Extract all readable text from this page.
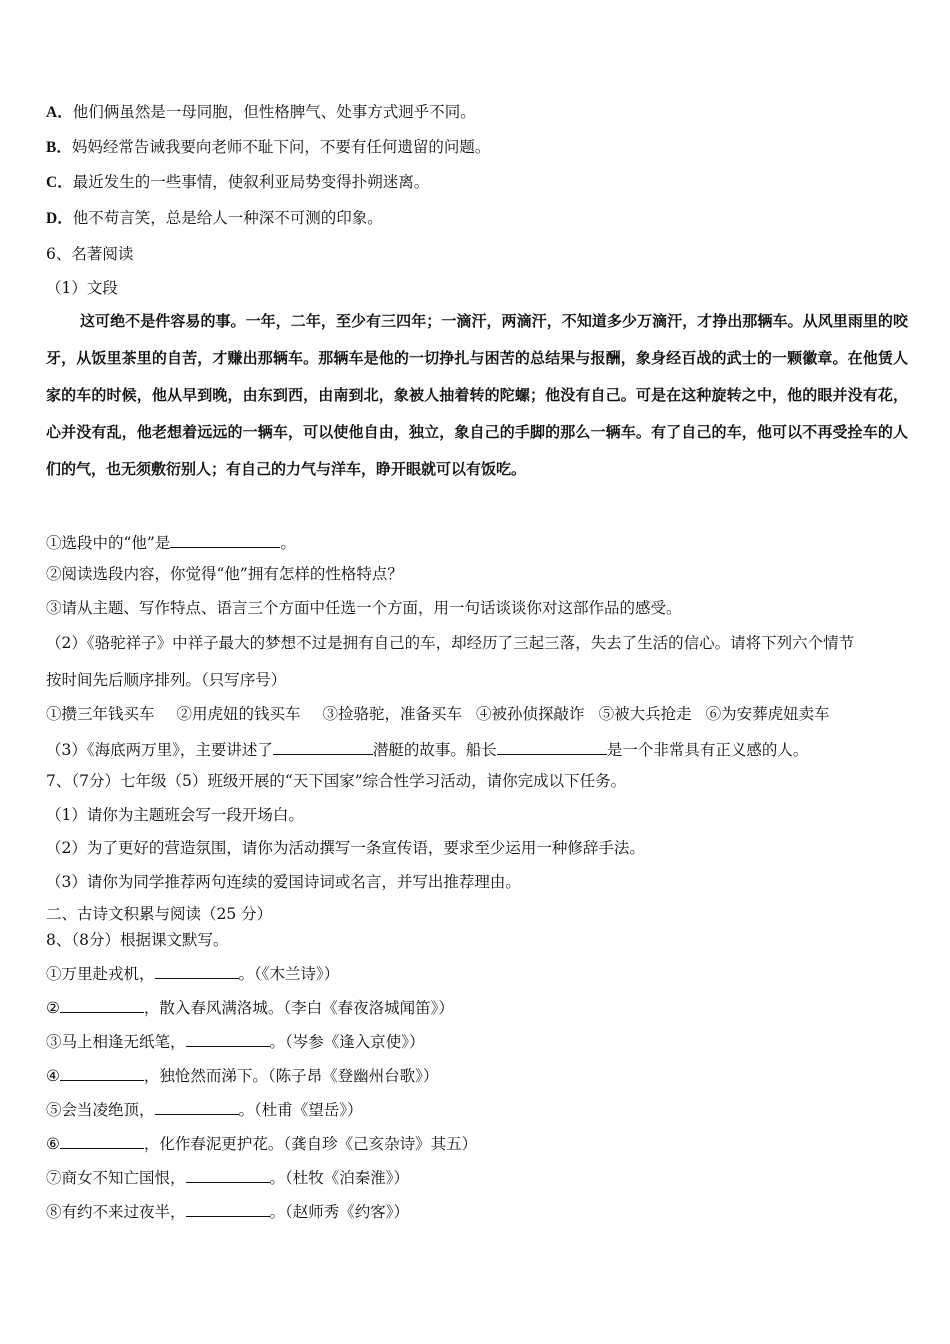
A．他们俩虽然是一母同胞，但性格脾气、处事方式迥乎不同。
B．妈妈经常告诫我要向老师不耻下问，不要有任何遗留的问题。
C．最近发生的一些事情，使叙利亚局势变得扑朔迷离。
D．他不苟言笑，总是给人一种深不可测的印象。
6、名著阅读
（1）文段
这可绝不是件容易的事。一年，二年，至少有三四年；一滴汗，两滴汗，不知道多少万滴汗，才挣出那辆车。从风里雨里的咬牙，从饭里茶里的自苦，才赚出那辆车。那辆车是他的一切挣扎与困苦的总结果与报酬，象身经百战的武士的一颗徽章。在他赁人家的车的时候，他从早到晚，由东到西，由南到北，象被人抽着转的陀螺；他没有自己。可是在这种旋转之中，他的眼并没有花，心并没有乱，他老想着远远的一辆车，可以使他自由，独立，象自己的手脚的那么一辆车。有了自己的车，他可以不再受拴车的人们的气，也无须敷衍别人；有自己的力气与洋车，睁开眼就可以有饭吃。
①选段中的“他”是	。
②阅读选段内容，你觉得“他”拥有怎样的性格特点？
③请从主题、写作特点、语言三个方面中任选一个方面，用一句话谈谈你对这部作品的感受。
（2）《骆驼祥子》中祥子最大的梦想不过是拥有自己的车，却经历了三起三落，失去了生活的信心。请将下列六个情节
按时间先后顺序排列。（只写序号）
①攒三年钱买车 ②用虎妞的钱买车 ③捡骆驼，准备买车 ④被孙侦探敲诈 ⑤被大兵抢走 ⑥为安葬虎妞卖车
（3）《海底两万里》，主要讲述了	潜艇的故事。船长	是一个非常具有正义感的人。
7、（7分）七年级（5）班级开展的“天下国家”综合性学习活动，请你完成以下任务。
（1）请你为主题班会写一段开场白。
（2）为了更好的营造氛围，请你为活动撰写一条宣传语，要求至少运用一种修辞手法。
（3）请你为同学推荐两句连续的爱国诗词或名言，并写出推荐理由。
二、古诗文积累与阅读（25 分）
8、（8分）根据课文默写。
①万里赴戎机，	。（《木兰诗》）
②	，散入春风满洛城。（李白《春夜洛城闻笛》）
③马上相逢无纸笔，	。（岑参《逢入京使》）
④	，独怆然而涕下。（陈子昂《登幽州台歌》）
⑤会当凌绝顶，	。（杜甫《望岳》）
⑥	，化作春泥更护花。（龚自珍《己亥杂诗》其五）
⑦商女不知亡国恨，	。（杜牧《泊秦淮》）
⑧有约不来过夜半，	。（赵师秀《约客》）
